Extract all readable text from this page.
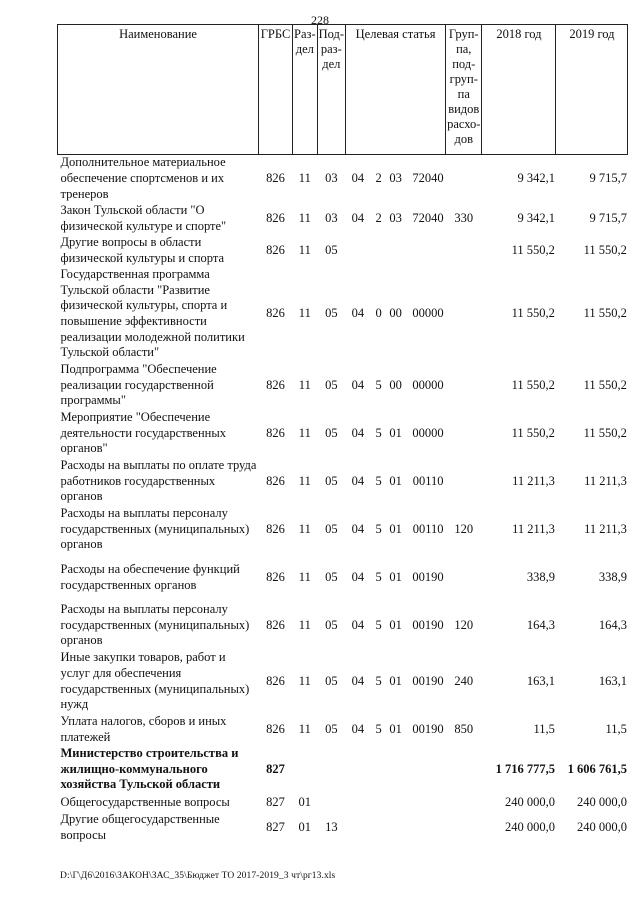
228
Наименование	ГРБС	Раз-дел	Под-раз-дел	Целевая статья	Груп-па, под-груп-па видов расхо-дов	2018 год	2019 год
Дополнительное материальное обеспечение спортсменов и их тренеров	826	11	03	04 2 03 72040		9 342,1	9 715,7
Закон Тульской области "О физической культуре и спорте"	826	11	03	04 2 03 72040	330	9 342,1	9 715,7
Другие вопросы в области физической культуры и спорта	826	11	05			11 550,2	11 550,2
Государственная программа Тульской области "Развитие физической культуры, спорта и повышение эффективности реализации молодежной политики Тульской области"	826	11	05	04 0 00 00000		11 550,2	11 550,2
Подпрограмма "Обеспечение реализации государственной программы"	826	11	05	04 5 00 00000		11 550,2	11 550,2
Мероприятие "Обеспечение деятельности государственных органов"	826	11	05	04 5 01 00000		11 550,2	11 550,2
Расходы на выплаты по оплате труда работников государственных органов	826	11	05	04 5 01 00110		11 211,3	11 211,3
Расходы на выплаты персоналу государственных (муниципальных) органов	826	11	05	04 5 01 00110	120	11 211,3	11 211,3
Расходы на обеспечение функций государственных органов	826	11	05	04 5 01 00190		338,9	338,9
Расходы на выплаты персоналу государственных (муниципальных) органов	826	11	05	04 5 01 00190	120	164,3	164,3
Иные закупки товаров, работ и услуг для обеспечения государственных (муниципальных) нужд	826	11	05	04 5 01 00190	240	163,1	163,1
Уплата налогов, сборов и иных платежей	826	11	05	04 5 01 00190	850	11,5	11,5
Министерство строительства и жилищно-коммунального хозяйства Тульской области	827					1 716 777,5	1 606 761,5
Общегосударственные вопросы	827	01				240 000,0	240 000,0
Другие общегосударственные вопросы	827	01	13			240 000,0	240 000,0
D:\Г\Д6\2016\ЗАКОН\ЗАС_35\Бюджет ТО 2017-2019_3 чт\рг13.xls
